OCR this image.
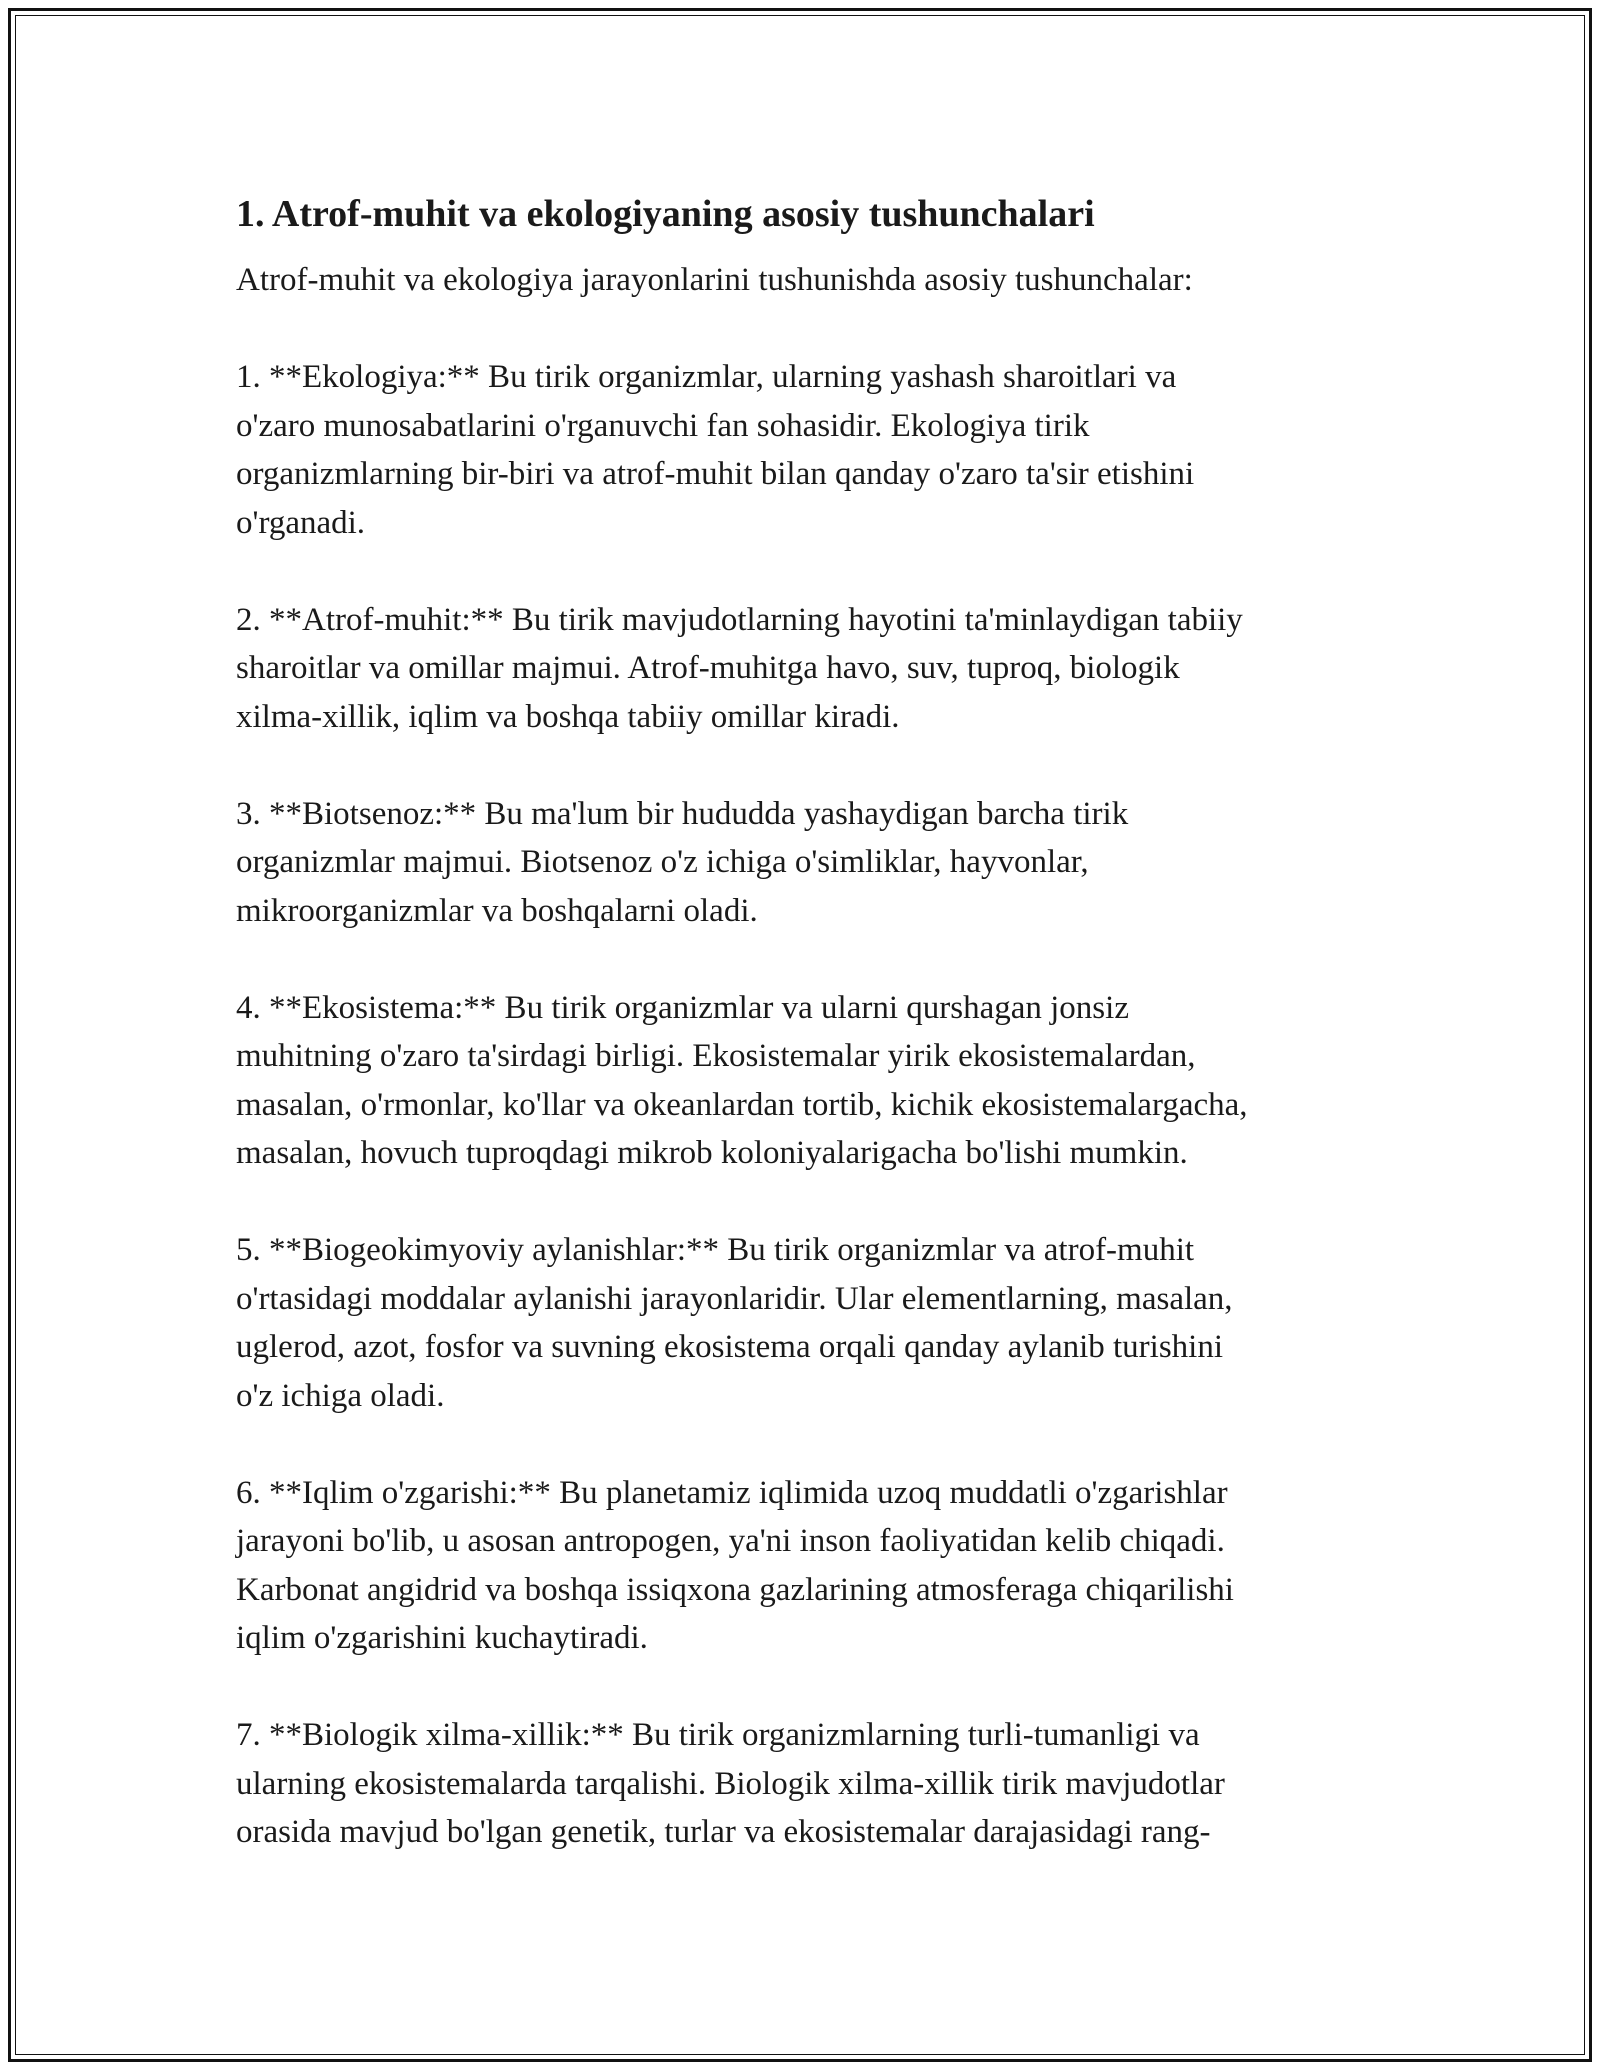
1. Atrof-muhit va ekologiyaning asosiy tushunchalari

Atrof-muhit va ekologiya jarayonlarini tushunishda asosiy tushunchalar:

1. **Ekologiya:** Bu tirik organizmlar, ularning yashash sharoitlari va
o'zaro munosabatlarini o'rganuvchi fan sohasidir. Ekologiya tirik
organizmlarning bir-biri va atrof-muhit bilan qanday o'zaro ta'sir etishini
o'rganadi.

2. **Atrof-muhit:** Bu tirik mavjudotlarning hayotini ta'minlaydigan tabiiy
sharoitlar va omillar majmui. Atrof-muhitga havo, suv, tuproq, biologik
xilma-xillik, iqlim va boshqa tabiiy omillar kiradi.

3. **Biotsenoz:** Bu ma'lum bir hududda yashaydigan barcha tirik
organizmlar majmui. Biotsenoz o'z ichiga o'simliklar, hayvonlar,
mikroorganizmlar va boshqalarni oladi.

4. **Ekosistema:** Bu tirik organizmlar va ularni qurshagan jonsiz
muhitning o'zaro ta'sirdagi birligi. Ekosistemalar yirik ekosistemalardan,
masalan, o'rmonlar, ko'llar va okeanlardan tortib, kichik ekosistemalargacha,
masalan, hovuch tuproqdagi mikrob koloniyalarigacha bo'lishi mumkin.

5. **Biogeokimyoviy aylanishlar:** Bu tirik organizmlar va atrof-muhit
o'rtasidagi moddalar aylanishi jarayonlaridir. Ular elementlarning, masalan,
uglerod, azot, fosfor va suvning ekosistema orqali qanday aylanib turishini
o'z ichiga oladi.

6. **Iqlim o'zgarishi:** Bu planetamiz iqlimida uzoq muddatli o'zgarishlar
jarayoni bo'lib, u asosan antropogen, ya'ni inson faoliyatidan kelib chiqadi.
Karbonat angidrid va boshqa issiqxona gazlarining atmosferaga chiqarilishi
iqlim o'zgarishini kuchaytiradi.

7. **Biologik xilma-xillik:** Bu tirik organizmlarning turli-tumanligi va
ularning ekosistemalarda tarqalishi. Biologik xilma-xillik tirik mavjudotlar
orasida mavjud bo'lgan genetik, turlar va ekosistemalar darajasidagi rang-
